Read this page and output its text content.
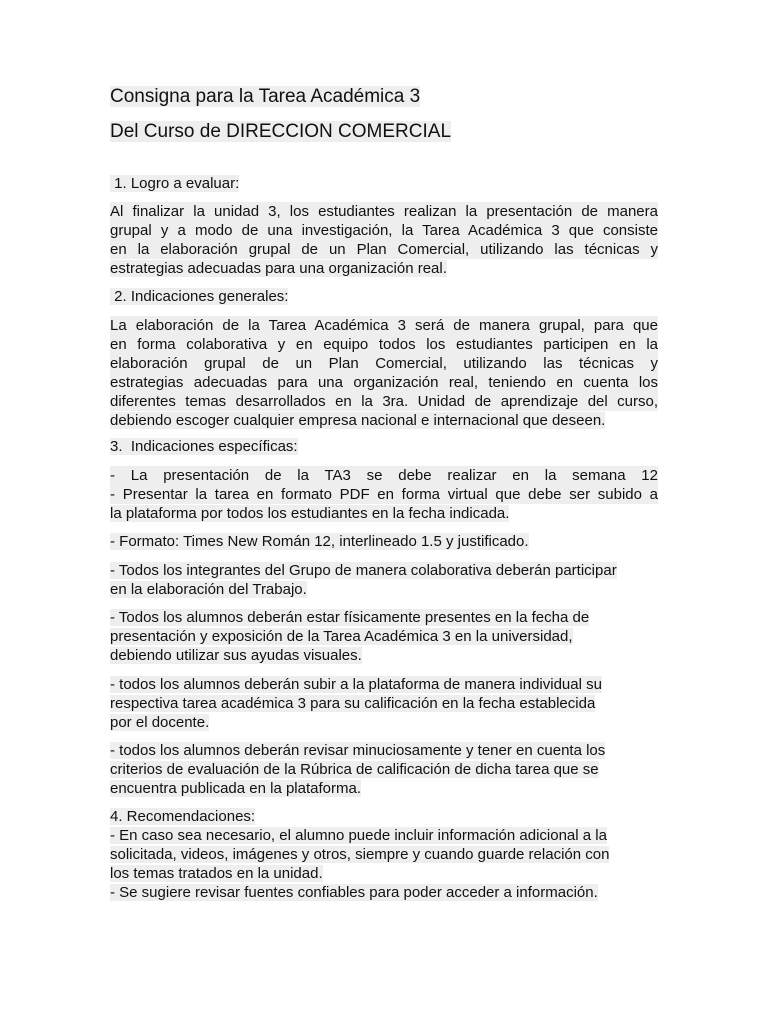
Consigna para la Tarea Académica 3
Del Curso de DIRECCION COMERCIAL
1. Logro a evaluar:
Al finalizar la unidad 3, los estudiantes realizan la presentación de manera
grupal y a modo de una investigación, la Tarea Académica 3 que consiste
en la elaboración grupal de un Plan Comercial, utilizando las técnicas y
estrategias adecuadas para una organización real.
2. Indicaciones generales:
La elaboración de la Tarea Académica 3 será de manera grupal, para que
en forma colaborativa y en equipo todos los estudiantes participen en la
elaboración grupal de un Plan Comercial, utilizando las técnicas y
estrategias adecuadas para una organización real, teniendo en cuenta los
diferentes temas desarrollados en la 3ra. Unidad de aprendizaje del curso,
debiendo escoger cualquier empresa nacional e internacional que deseen.
3.  Indicaciones específicas:
- La presentación de la TA3 se debe realizar en la semana 12
- Presentar la tarea en formato PDF en forma virtual que debe ser subido a
la plataforma por todos los estudiantes en la fecha indicada.
- Formato: Times New Román 12, interlineado 1.5 y justificado.
- Todos los integrantes del Grupo de manera colaborativa deberán participar
en la elaboración del Trabajo.
- Todos los alumnos deberán estar físicamente presentes en la fecha de
presentación y exposición de la Tarea Académica 3 en la universidad,
debiendo utilizar sus ayudas visuales.
- todos los alumnos deberán subir a la plataforma de manera individual su
respectiva tarea académica 3 para su calificación en la fecha establecida
por el docente.
- todos los alumnos deberán revisar minuciosamente y tener en cuenta los
criterios de evaluación de la Rúbrica de calificación de dicha tarea que se
encuentra publicada en la plataforma.
4. Recomendaciones:
- En caso sea necesario, el alumno puede incluir información adicional a la
solicitada, videos, imágenes y otros, siempre y cuando guarde relación con
los temas tratados en la unidad.
- Se sugiere revisar fuentes confiables para poder acceder a información.
